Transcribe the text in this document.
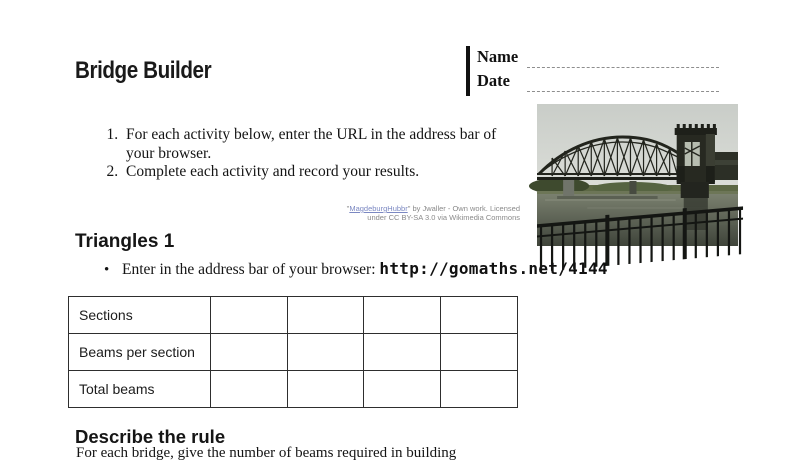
Bridge Builder
Name
Date
1. For each activity below, enter the URL in the address bar of your browser.
2. Complete each activity and record your results.
"MagdeburgHubbr" by Jwaller - Own work. Licensed
under CC BY-SA 3.0 via Wikimedia Commons
Triangles 1
• Enter in the address bar of your browser: http://gomaths.net/4144
Sections				
Beams per section				
Total beams				
Describe the rule
For each bridge, give the number of beams required in building
